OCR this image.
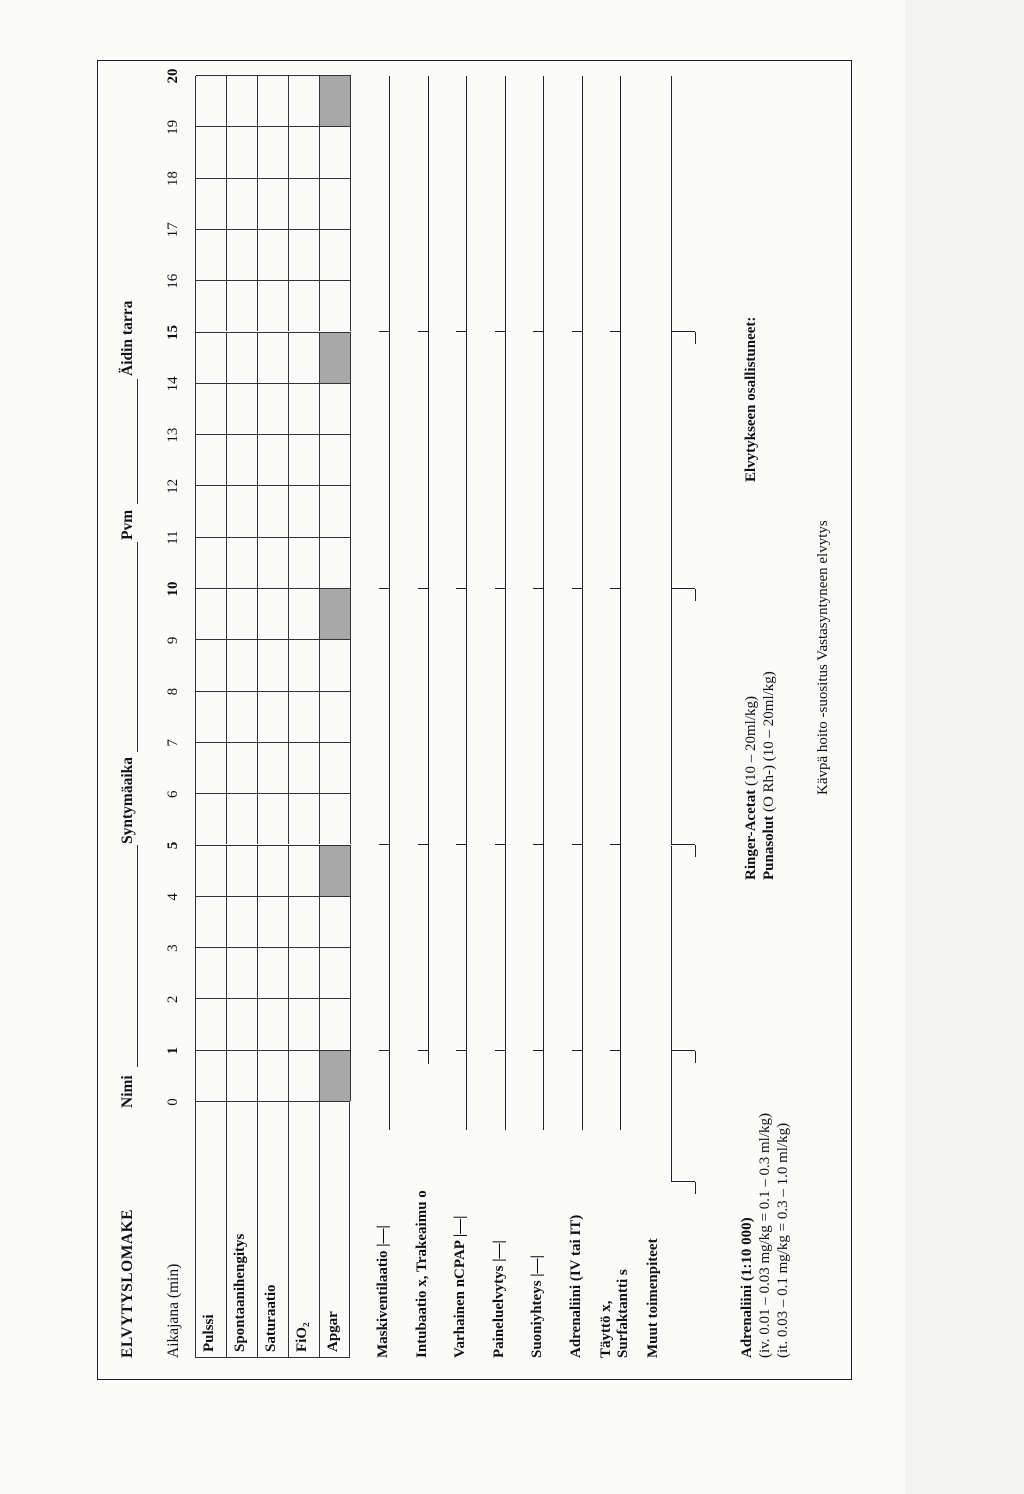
ELVYTYSLOMAKE
Nimi
Syntymäaika
Pvm
Äidin tarra
Aikajana (min)
0
1
2
3
4
5
6
7
8
9
10
11
12
13
14
15
16
17
18
19
20
Pulssi Spontaanihengitys Saturaatio FiO₂ Apgar Maskiventilaatio |—| Intubaatio x, Trakeaimu o Varhainen nCPAP |—| Paineluelvytys |—| Suoniyhteys |—| Adrenaliini (IV tai IT) Täyttö x, Surfaktantti s Muut toimenpiteet	Adrenaliini (1:10 000) (iv. 0.01 – 0.03 mg/kg = 0.1 – 0.3 ml/kg) (it. 0.03 – 0.1 mg/kg = 0.3 – 1.0 ml/kg)
Ringer-Acetat (10 – 20ml/kg)
Punasolut (O Rh-) (10 – 20ml/kg)
Elvytykseen osallistuneet:
Kävpä hoito -suositus Vastasyntyneen elvytys
